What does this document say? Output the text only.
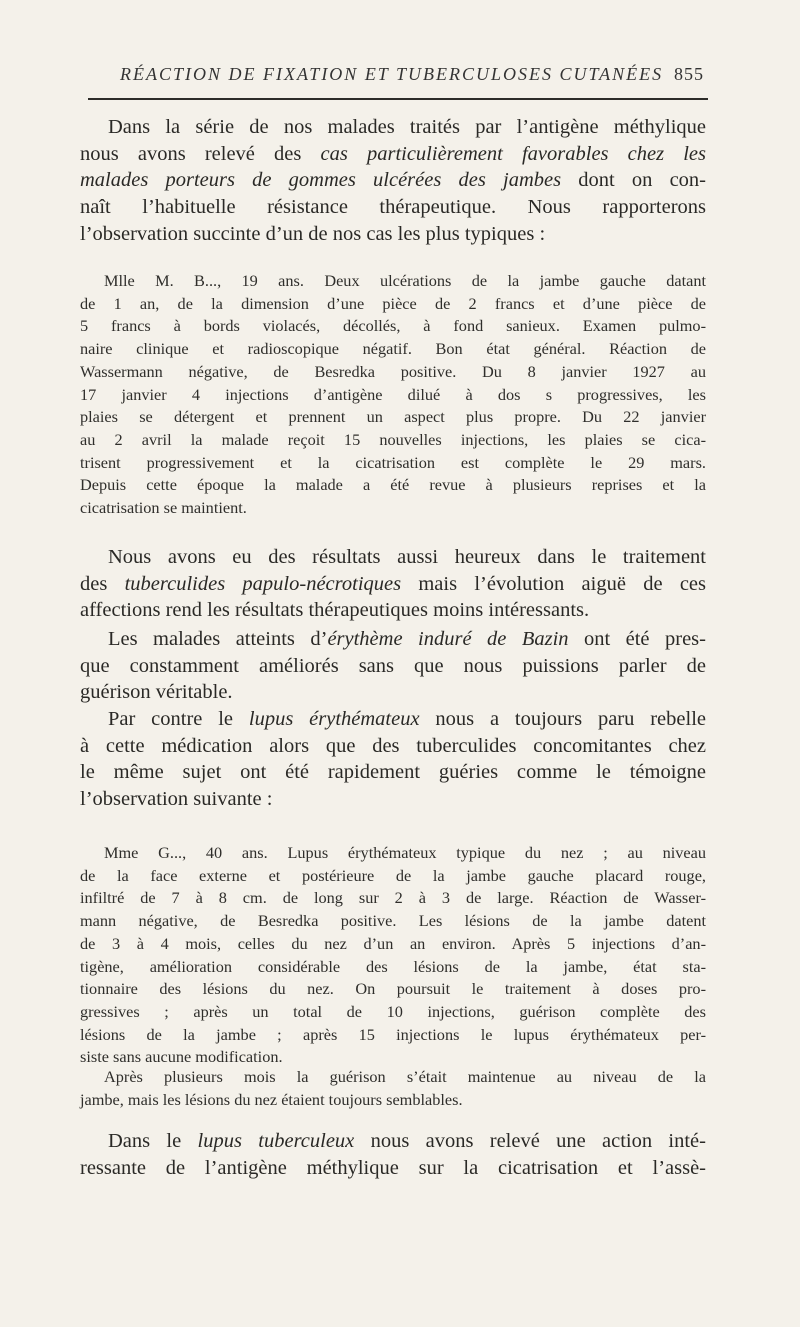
RÉACTION DE FIXATION ET TUBERCULOSES CUTANÉES 855
Dans la série de nos malades traités par l’antigène méthylique
nous avons relevé des cas particulièrement favorables chez les
malades porteurs de gommes ulcérées des jambes dont on con-
naît l’habituelle résistance thérapeutique. Nous rapporterons
l’observation succinte d’un de nos cas les plus typiques :
Mlle M. B..., 19 ans. Deux ulcérations de la jambe gauche datant
de 1 an, de la dimension d’une pièce de 2 francs et d’une pièce de
5 francs à bords violacés, décollés, à fond sanieux. Examen pulmo-
naire clinique et radioscopique négatif. Bon état général. Réaction de
Wassermann négative, de Besredka positive. Du 8 janvier 1927 au
17 janvier 4 injections d’antigène dilué à dos s progressives, les
plaies se détergent et prennent un aspect plus propre. Du 22 janvier
au 2 avril la malade reçoit 15 nouvelles injections, les plaies se cica-
trisent progressivement et la cicatrisation est complète le 29 mars.
Depuis cette époque la malade a été revue à plusieurs reprises et la
cicatrisation se maintient.
Nous avons eu des résultats aussi heureux dans le traitement
des tuberculides papulo-nécrotiques mais l’évolution aiguë de ces
affections rend les résultats thérapeutiques moins intéressants.
Les malades atteints d’érythème induré de Bazin ont été pres-
que constamment améliorés sans que nous puissions parler de
guérison véritable.
Par contre le lupus érythémateux nous a toujours paru rebelle
à cette médication alors que des tuberculides concomitantes chez
le même sujet ont été rapidement guéries comme le témoigne
l’observation suivante :
Mme G..., 40 ans. Lupus érythémateux typique du nez ; au niveau
de la face externe et postérieure de la jambe gauche placard rouge,
infiltré de 7 à 8 cm. de long sur 2 à 3 de large. Réaction de Wasser-
mann négative, de Besredka positive. Les lésions de la jambe datent
de 3 à 4 mois, celles du nez d’un an environ. Après 5 injections d’an-
tigène, amélioration considérable des lésions de la jambe, état sta-
tionnaire des lésions du nez. On poursuit le traitement à doses pro-
gressives ; après un total de 10 injections, guérison complète des
lésions de la jambe ; après 15 injections le lupus érythémateux per-
siste sans aucune modification.
Après plusieurs mois la guérison s’était maintenue au niveau de la
jambe, mais les lésions du nez étaient toujours semblables.
Dans le lupus tuberculeux nous avons relevé une action inté-
ressante de l’antigène méthylique sur la cicatrisation et l’assè-
